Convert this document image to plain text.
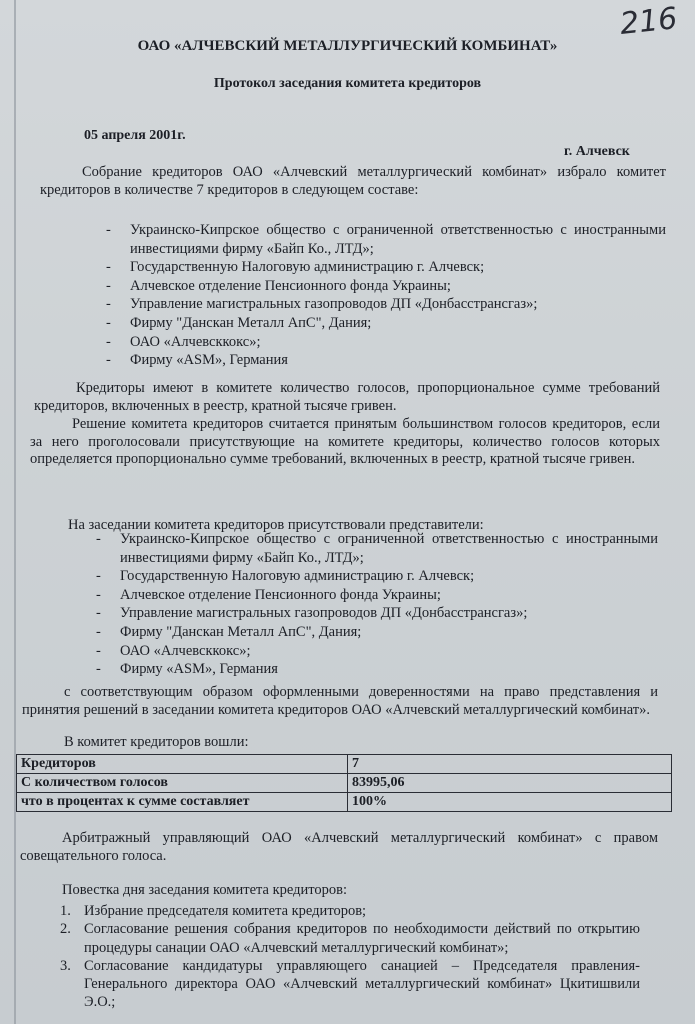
216
ОАО «АЛЧЕВСКИЙ МЕТАЛЛУРГИЧЕСКИЙ КОМБИНАТ»
Протокол заседания комитета кредиторов
05 апреля 2001г.
г. Алчевск
Собрание кредиторов ОАО «Алчевский металлургический комбинат» избрало комитет кредиторов в количестве 7 кредиторов в следующем составе:
- Украинско-Кипрское общество с ограниченной ответственностью с иностранными инвестициями фирму «Байп Ко., ЛТД»;
- Государственную Налоговую администрацию г. Алчевск;
- Алчевское отделение Пенсионного фонда Украины;
- Управление магистральных газопроводов ДП «Донбасстрансгаз»;
- Фирму "Данскан Металл АпС", Дания;
- ОАО «Алчевсккокс»;
- Фирму «ASM», Германия
Кредиторы имеют в комитете количество голосов, пропорциональное сумме требований кредиторов, включенных в реестр, кратной тысяче гривен.
Решение комитета кредиторов считается принятым большинством голосов кредиторов, если за него проголосовали присутствующие на комитете кредиторы, количество голосов которых определяется пропорционально сумме требований, включенных в реестр, кратной тысяче гривен.
На заседании комитета кредиторов присутствовали представители:
- Украинско-Кипрское общество с ограниченной ответственностью с иностранными инвестициями фирму «Байп Ко., ЛТД»;
- Государственную Налоговую администрацию г. Алчевск;
- Алчевское отделение Пенсионного фонда Украины;
- Управление магистральных газопроводов ДП «Донбасстрансгаз»;
- Фирму "Данскан Металл АпС", Дания;
- ОАО «Алчевсккокс»;
- Фирму «ASM», Германия
с соответствующим образом оформленными доверенностями на право представления и принятия решений в заседании комитета кредиторов ОАО «Алчевский металлургический комбинат».
В комитет кредиторов вошли:
Кредиторов	7
С количеством голосов	83995,06
что в процентах к сумме составляет	100%
Арбитражный управляющий ОАО «Алчевский металлургический комбинат» с правом совещательного голоса.
Повестка дня заседания комитета кредиторов:
1. Избрание председателя комитета кредиторов;
2. Согласование решения собрания кредиторов по необходимости действий по открытию процедуры санации ОАО «Алчевский металлургический комбинат»;
3. Согласование кандидатуры управляющего санацией – Председателя правления-Генерального директора ОАО «Алчевский металлургический комбинат» Цкитишвили Э.О.;
